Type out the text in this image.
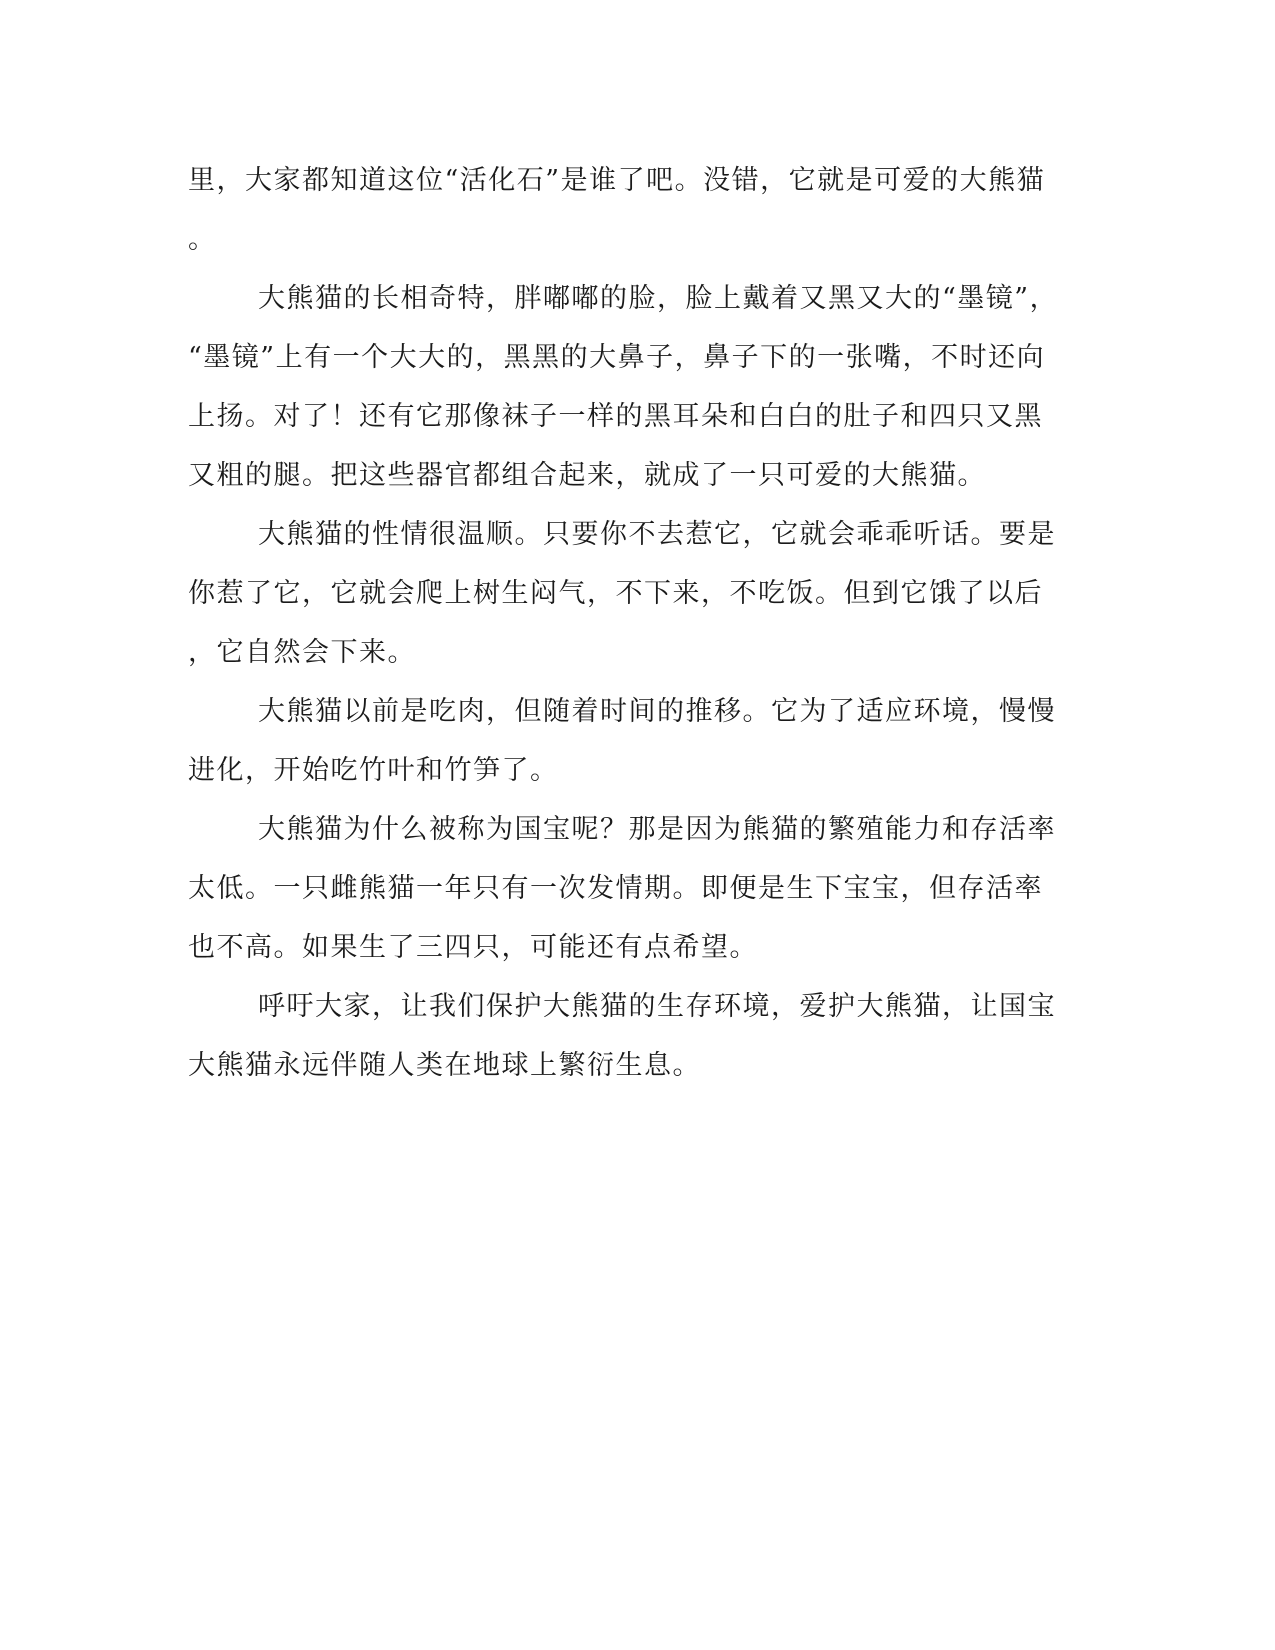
里，大家都知道这位“活化石”是谁了吧。没错，它就是可爱的大熊猫

。

大熊猫的长相奇特，胖嘟嘟的脸，脸上戴着又黑又大的“墨镜”，

“墨镜”上有一个大大的，黑黑的大鼻子，鼻子下的一张嘴，不时还向

上扬。对了！还有它那像袜子一样的黑耳朵和白白的肚子和四只又黑

又粗的腿。把这些器官都组合起来，就成了一只可爱的大熊猫。

大熊猫的性情很温顺。只要你不去惹它，它就会乖乖听话。要是

你惹了它，它就会爬上树生闷气，不下来，不吃饭。但到它饿了以后

，它自然会下来。

大熊猫以前是吃肉，但随着时间的推移。它为了适应环境，慢慢

进化，开始吃竹叶和竹笋了。

大熊猫为什么被称为国宝呢？那是因为熊猫的繁殖能力和存活率

太低。一只雌熊猫一年只有一次发情期。即便是生下宝宝，但存活率

也不高。如果生了三四只，可能还有点希望。

呼吁大家，让我们保护大熊猫的生存环境，爱护大熊猫，让国宝

大熊猫永远伴随人类在地球上繁衍生息。
